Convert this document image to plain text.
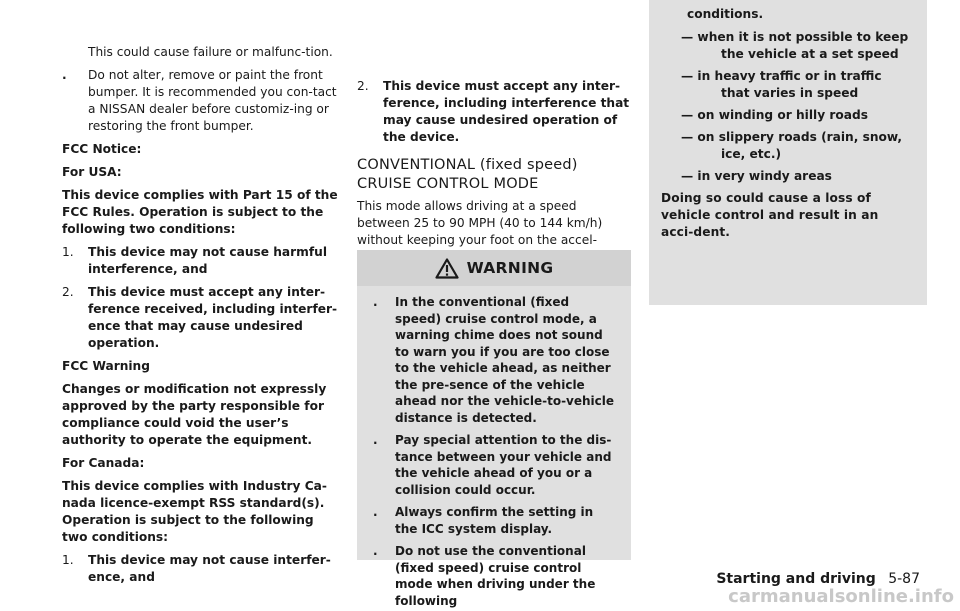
This could cause failure or malfunc-tion.

. Do not alter, remove or paint the front bumper. It is recommended you con-tact a NISSAN dealer before customiz-ing or restoring the front bumper.

FCC Notice:

For USA:

This device complies with Part 15 of the FCC Rules. Operation is subject to the following two conditions:

1. This device may not cause harmful interference, and
2. This device must accept any inter-ference received, including interfer-ence that may cause undesired operation.

FCC Warning

Changes or modification not expressly approved by the party responsible for compliance could void the user’s authority to operate the equipment.

For Canada:

This device complies with Industry Ca-nada licence-exempt RSS standard(s). Operation is subject to the following two conditions:

1. This device may not cause interfer-ence, and
2. This device must accept any inter-ference, including interference that may cause undesired operation of the device.
CONVENTIONAL (fixed speed)
CRUISE CONTROL MODE

This mode allows driving at a speed between 25 to 90 MPH (40 to 144 km/h) without keeping your foot on the accel-

WARNING
. In the conventional (fixed speed) cruise control mode, a warning chime does not sound to warn you if you are too close to the vehicle ahead, as neither the pre-sence of the vehicle ahead nor the vehicle-to-vehicle distance is detected.
. Pay special attention to the dis-tance between your vehicle and the vehicle ahead of you or a collision could occur.
. Always confirm the setting in the ICC system display.
. Do not use the conventional (fixed speed) cruise control mode when driving under the following

conditions.

— when it is not possible to keep
the vehicle at a set speed
— in heavy traffic or in traffic
that varies in speed
— on winding or hilly roads
— on slippery roads (rain, snow,
ice, etc.)
— in very windy areas

Doing so could cause a loss of vehicle control and result in an acci-dent.

Starting and driving 5-87
carmanualsonline.info
